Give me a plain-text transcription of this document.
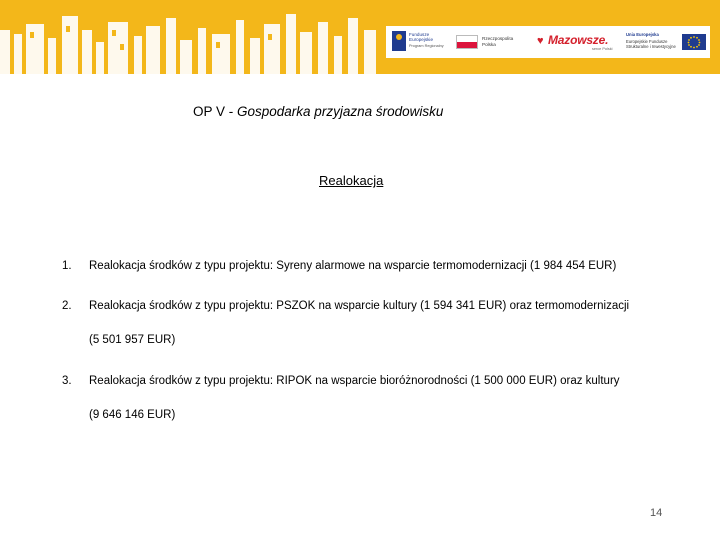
Fundusze
Europejskie
Program Regionalny
Rzeczpospolita
Polska	♥ Mazowsze.
serce Polski
Unia Europejska
Europejskie Fundusze
Strukturalne i Inwestycyjne
OP V - Gospodarka przyjazna środowisku
Realokacja
1. Realokacja środków z typu projektu: Syreny alarmowe na wsparcie termomodernizacji (1 984 454 EUR)
2. Realokacja środków z typu projektu: PSZOK na wsparcie kultury (1 594 341 EUR) oraz termomodernizacji
(5 501 957 EUR)
3. Realokacja środków z typu projektu: RIPOK na wsparcie bioróżnorodności (1 500 000 EUR) oraz kultury
(9 646 146 EUR)
14
